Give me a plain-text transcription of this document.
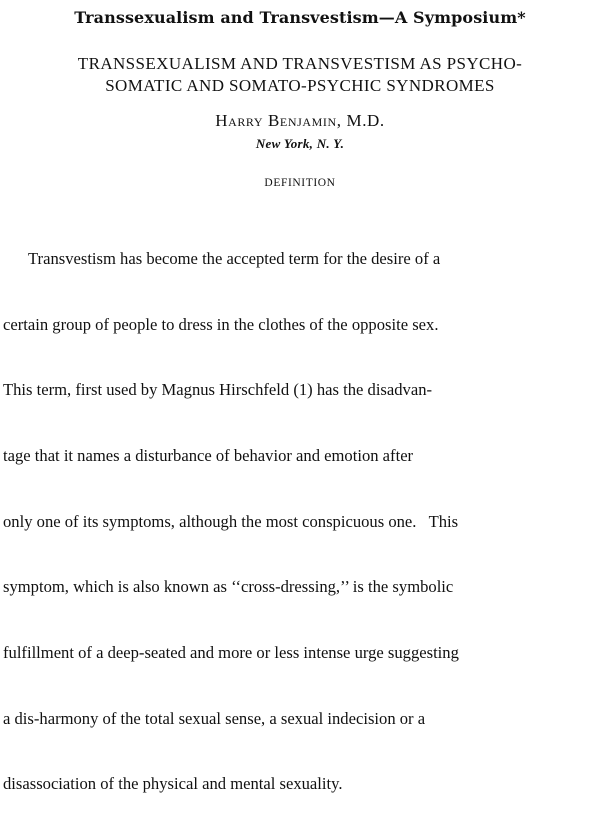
Transsexualism and Transvestism—A Symposium*
TRANSSEXUALISM AND TRANSVESTISM AS PSYCHO-
SOMATIC AND SOMATO-PSYCHIC SYNDROMES
Harry Benjamin, M.D.
New York, N. Y.
DEFINITION

Transvestism has become the accepted term for the desire of a

certain group of people to dress in the clothes of the opposite sex.

This term, first used by Magnus Hirschfeld (1) has the disadvan-

tage that it names a disturbance of behavior and emotion after

only one of its symptoms, although the most conspicuous one.   This

symptom, which is also known as ‘‘cross-dressing,’’ is the symbolic

fulfillment of a deep-seated and more or less intense urge suggesting

a dis-harmony of the total sexual sense, a sexual indecision or a

disassociation of the physical and mental sexuality.
